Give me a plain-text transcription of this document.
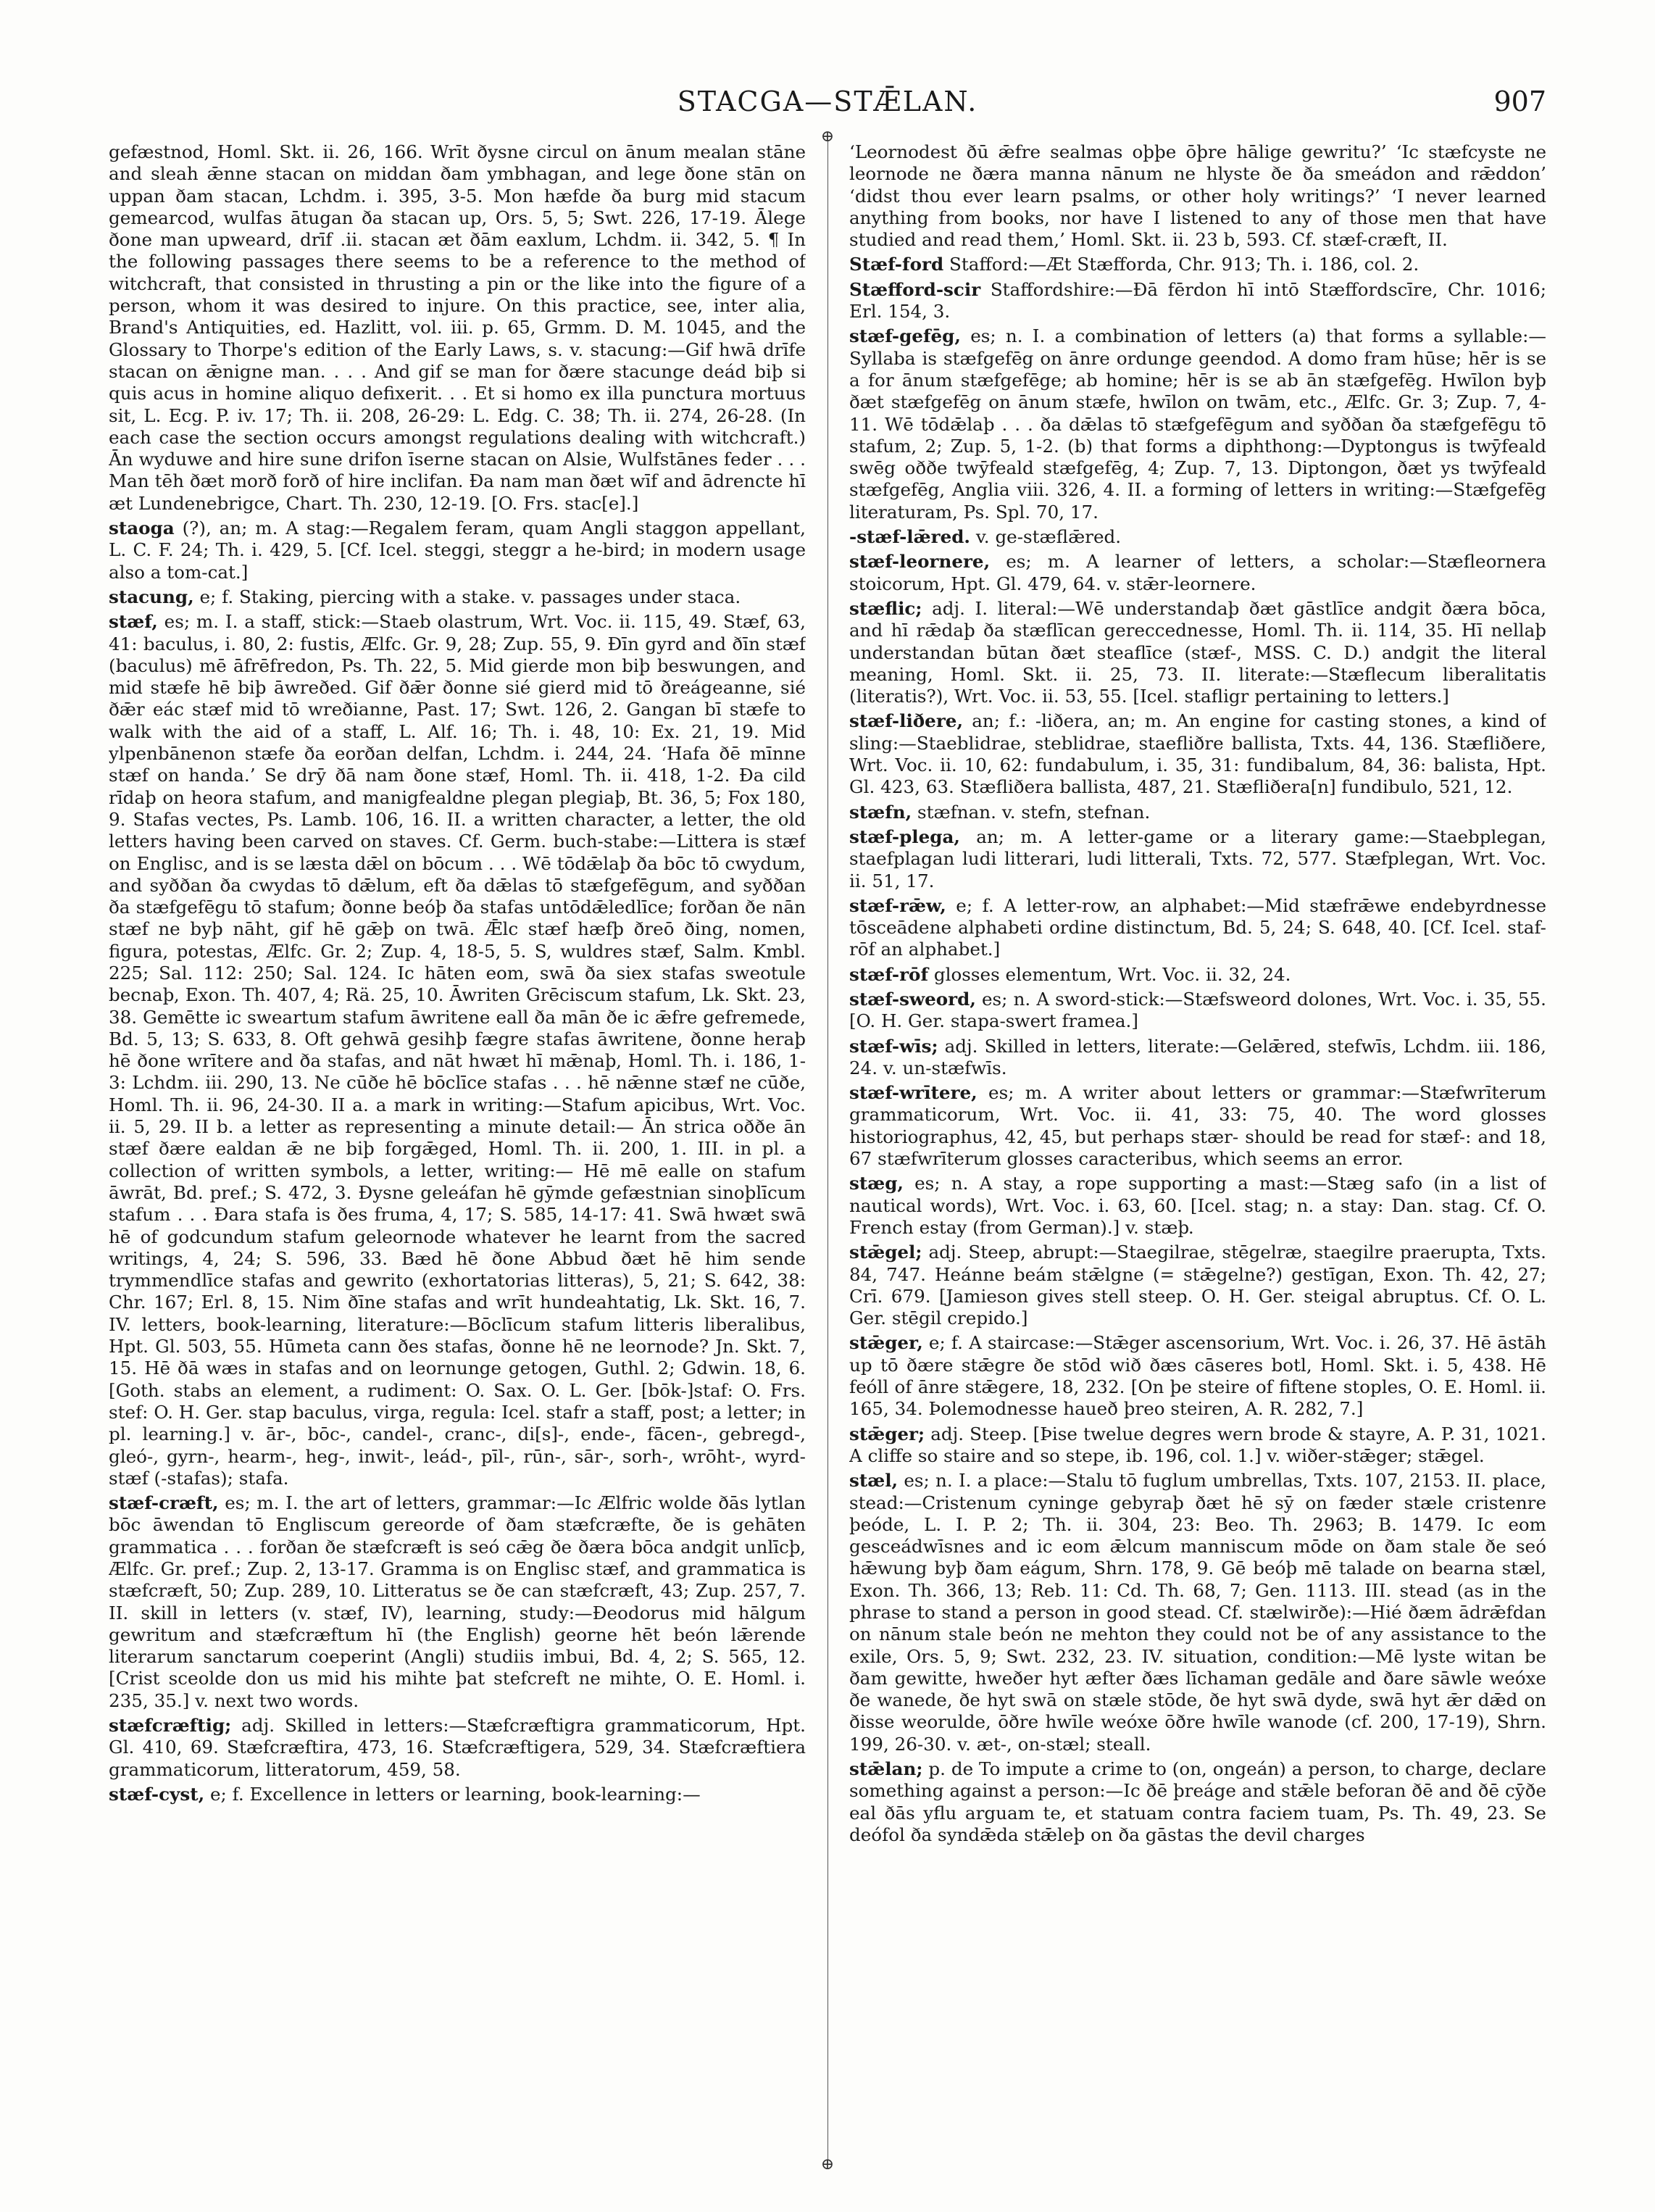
STACGA—STǢLAN.	907

gefæstnod, Homl. Skt. ii. 26, 166. Wrīt ðysne circul on ānum mealan stāne and sleah ǣnne stacan on middan ðam ymbhagan, and lege ðone stān on uppan ðam stacan, Lchdm. i. 395, 3-5. Mon hæfde ða burg mid stacum gemearcod, wulfas ātugan ða stacan up, Ors. 5, 5; Swt. 226, 17-19. Ālege ðone man upweard, drīf .ii. stacan æt ðām eaxlum, Lchdm. ii. 342, 5. ¶ In the following passages there seems to be a reference to the method of witchcraft, that consisted in thrusting a pin or the like into the figure of a person, whom it was desired to injure. On this practice, see, inter alia, Brand's Antiquities, ed. Hazlitt, vol. iii. p. 65, Grmm. D. M. 1045, and the Glossary to Thorpe's edition of the Early Laws, s. v. stacung:—Gif hwā drīfe stacan on ǣnigne man. . . . And gif se man for ðære stacunge deád biþ si quis acus in homine aliquo defixerit. . . Et si homo ex illa punctura mortuus sit, L. Ecg. P. iv. 17; Th. ii. 208, 26-29: L. Edg. C. 38; Th. ii. 274, 26-28. (In each case the section occurs amongst regulations dealing with witchcraft.) Ān wyduwe and hire sune drifon īserne stacan on Alsie, Wulfstānes feder . . . Man tēh ðæt morð forð of hire inclifan. Ða nam man ðæt wīf and ādrencte hī æt Lundenebrigce, Chart. Th. 230, 12-19. [O. Frs. stac[e].]

staoga (?), an; m. A stag:—Regalem feram, quam Angli staggon appellant, L. C. F. 24; Th. i. 429, 5. [Cf. Icel. steggi, steggr a he-bird; in modern usage also a tom-cat.]

stacung, e; f. Staking, piercing with a stake. v. passages under staca.

stæf, es; m. I. a staff, stick:—Staeb olastrum, Wrt. Voc. ii. 115, 49. Stæf, 63, 41: baculus, i. 80, 2: fustis, Ælfc. Gr. 9, 28; Zup. 55, 9. Ðīn gyrd and ðīn stæf (baculus) mē āfrēfredon, Ps. Th. 22, 5. Mid gierde mon biþ beswungen, and mid stæfe hē biþ āwreðed. Gif ðǣr ðonne sié gierd mid tō ðreágeanne, sié ðǣr eác stæf mid tō wreðianne, Past. 17; Swt. 126, 2. Gangan bī stæfe to walk with the aid of a staff, L. Alf. 16; Th. i. 48, 10: Ex. 21, 19. Mid ylpenbānenon stæfe ða eorðan delfan, Lchdm. i. 244, 24. ‘Hafa ðē mīnne stæf on handa.’ Se drȳ ðā nam ðone stæf, Homl. Th. ii. 418, 1-2. Ða cild rīdaþ on heora stafum, and manigfealdne plegan plegiaþ, Bt. 36, 5; Fox 180, 9. Stafas vectes, Ps. Lamb. 106, 16. II. a written character, a letter, the old letters having been carved on staves. Cf. Germ. buch-stabe:—Littera is stæf on Englisc, and is se læsta dǣl on bōcum . . . Wē tōdǣlaþ ða bōc tō cwydum, and syððan ða cwydas tō dǣlum, eft ða dǣlas tō stæfgefēgum, and syððan ða stæfgefēgu tō stafum; ðonne beóþ ða stafas untōdǣledlīce; forðan ðe nān stæf ne byþ nāht, gif hē gǣþ on twā. Ǣlc stæf hæfþ ðreō ðing, nomen, figura, potestas, Ælfc. Gr. 2; Zup. 4, 18-5, 5. S, wuldres stæf, Salm. Kmbl. 225; Sal. 112: 250; Sal. 124. Ic hāten eom, swā ða siex stafas sweotule becnaþ, Exon. Th. 407, 4; Rä. 25, 10. Āwriten Grēciscum stafum, Lk. Skt. 23, 38. Gemētte ic sweartum stafum āwritene eall ða mān ðe ic ǣfre gefremede, Bd. 5, 13; S. 633, 8. Oft gehwā gesihþ fægre stafas āwritene, ðonne heraþ hē ðone wrītere and ða stafas, and nāt hwæt hī mǣnaþ, Homl. Th. i. 186, 1-3: Lchdm. iii. 290, 13. Ne cūðe hē bōclīce stafas . . . hē nǣnne stæf ne cūðe, Homl. Th. ii. 96, 24-30. II a. a mark in writing:—Stafum apicibus, Wrt. Voc. ii. 5, 29. II b. a letter as representing a minute detail:— Ān strica oððe ān stæf ðære ealdan ǣ ne biþ forgǣged, Homl. Th. ii. 200, 1. III. in pl. a collection of written symbols, a letter, writing:— Hē mē ealle on stafum āwrāt, Bd. pref.; S. 472, 3. Ðysne geleáfan hē gȳmde gefæstnian sinoþlīcum stafum . . . Ðara stafa is ðes fruma, 4, 17; S. 585, 14-17: 41. Swā hwæt swā hē of godcundum stafum geleornode whatever he learnt from the sacred writings, 4, 24; S. 596, 33. Bæd hē ðone Abbud ðæt hē him sende trymmendlīce stafas and gewrito (exhortatorias litteras), 5, 21; S. 642, 38: Chr. 167; Erl. 8, 15. Nim ðīne stafas and wrīt hundeahtatig, Lk. Skt. 16, 7. IV. letters, book-learning, literature:—Bōclīcum stafum litteris liberalibus, Hpt. Gl. 503, 55. Hūmeta cann ðes stafas, ðonne hē ne leornode? Jn. Skt. 7, 15. Hē ðā wæs in stafas and on leornunge getogen, Guthl. 2; Gdwin. 18, 6. [Goth. stabs an element, a rudiment: O. Sax. O. L. Ger. [bōk-]staf: O. Frs. stef: O. H. Ger. stap baculus, virga, regula: Icel. stafr a staff, post; a letter; in pl. learning.] v. ār-, bōc-, candel-, cranc-, di[s]-, ende-, fācen-, gebregd-, gleó-, gyrn-, hearm-, heg-, inwit-, leád-, pīl-, rūn-, sār-, sorh-, wrōht-, wyrd-stæf (-stafas); stafa.

stæf-cræft, es; m. I. the art of letters, grammar:—Ic Ælfric wolde ðās lytlan bōc āwendan tō Engliscum gereorde of ðam stæfcræfte, ðe is gehāten grammatica . . . forðan ðe stæfcræft is seó cǣg ðe ðæra bōca andgit unlīcþ, Ælfc. Gr. pref.; Zup. 2, 13-17. Gramma is on Englisc stæf, and grammatica is stæfcræft, 50; Zup. 289, 10. Litteratus se ðe can stæfcræft, 43; Zup. 257, 7. II. skill in letters (v. stæf, IV), learning, study:—Ðeodorus mid hālgum gewritum and stæfcræftum hī (the English) georne hēt beón lǣrende literarum sanctarum coeperint (Angli) studiis imbui, Bd. 4, 2; S. 565, 12. [Crist sceolde don us mid his mihte þat stefcreft ne mihte, O. E. Homl. i. 235, 35.] v. next two words.

stæfcræftig; adj. Skilled in letters:—Stæfcræftigra grammaticorum, Hpt. Gl. 410, 69. Stæfcræftira, 473, 16. Stæfcræftigera, 529, 34. Stæfcræftiera grammaticorum, litteratorum, 459, 58.

stæf-cyst, e; f. Excellence in letters or learning, book-learning:—

⊕
⊕

‘Leornodest ðū ǣfre sealmas oþþe ōþre hālige gewritu?’ ‘Ic stæfcyste ne leornode ne ðæra manna nānum ne hlyste ðe ða smeádon and rǣddon’ ‘didst thou ever learn psalms, or other holy writings?’ ‘I never learned anything from books, nor have I listened to any of those men that have studied and read them,’ Homl. Skt. ii. 23 b, 593. Cf. stæf-cræft, II.

Stæf-ford Stafford:—Æt Stæfforda, Chr. 913; Th. i. 186, col. 2.

Stæfford-scir Staffordshire:—Ðā fērdon hī intō Stæffordscīre, Chr. 1016; Erl. 154, 3.

stæf-gefēg, es; n. I. a combination of letters (a) that forms a syllable:—Syllaba is stæfgefēg on ānre ordunge geendod. A domo fram hūse; hēr is se a for ānum stæfgefēge; ab homine; hēr is se ab ān stæfgefēg. Hwīlon byþ ðæt stæfgefēg on ānum stæfe, hwīlon on twām, etc., Ælfc. Gr. 3; Zup. 7, 4-11. Wē tōdǣlaþ . . . ða dǣlas tō stæfgefēgum and syððan ða stæfgefēgu tō stafum, 2; Zup. 5, 1-2. (b) that forms a diphthong:—Dyptongus is twȳfeald swēg oððe twȳfeald stæfgefēg, 4; Zup. 7, 13. Diptongon, ðæt ys twȳfeald stæfgefēg, Anglia viii. 326, 4. II. a forming of letters in writing:—Stæfgefēg literaturam, Ps. Spl. 70, 17.

-stæf-lǣred. v. ge-stæflǣred.

stæf-leornere, es; m. A learner of letters, a scholar:—Stæfleornera stoicorum, Hpt. Gl. 479, 64. v. stǣr-leornere.

stæflic; adj. I. literal:—Wē understandaþ ðæt gāstlīce andgit ðæra bōca, and hī rǣdaþ ða stæflīcan gereccednesse, Homl. Th. ii. 114, 35. Hī nellaþ understandan būtan ðæt steaflīce (stæf-, MSS. C. D.) andgit the literal meaning, Homl. Skt. ii. 25, 73. II. literate:—Stæflecum liberalitatis (literatis?), Wrt. Voc. ii. 53, 55. [Icel. stafligr pertaining to letters.]

stæf-liðere, an; f.: -liðera, an; m. An engine for casting stones, a kind of sling:—Staeblidrae, steblidrae, staefliðre ballista, Txts. 44, 136. Stæfliðere, Wrt. Voc. ii. 10, 62: fundabulum, i. 35, 31: fundibalum, 84, 36: balista, Hpt. Gl. 423, 63. Stæfliðera ballista, 487, 21. Stæfliðera[n] fundibulo, 521, 12.

stæfn, stæfnan. v. stefn, stefnan.

stæf-plega, an; m. A letter-game or a literary game:—Staebplegan, staefplagan ludi litterari, ludi litterali, Txts. 72, 577. Stæfplegan, Wrt. Voc. ii. 51, 17.

stæf-rǣw, e; f. A letter-row, an alphabet:—Mid stæfrǣwe endebyrdnesse tōsceādene alphabeti ordine distinctum, Bd. 5, 24; S. 648, 40. [Cf. Icel. staf-rōf an alphabet.]

stæf-rōf glosses elementum, Wrt. Voc. ii. 32, 24.

stæf-sweord, es; n. A sword-stick:—Stæfsweord dolones, Wrt. Voc. i. 35, 55. [O. H. Ger. stapa-swert framea.]

stæf-wīs; adj. Skilled in letters, literate:—Gelǣred, stefwīs, Lchdm. iii. 186, 24. v. un-stæfwīs.

stæf-wrītere, es; m. A writer about letters or grammar:—Stæfwrīterum grammaticorum, Wrt. Voc. ii. 41, 33: 75, 40. The word glosses historiographus, 42, 45, but perhaps stær- should be read for stæf-: and 18, 67 stæfwrīterum glosses caracteribus, which seems an error.

stæg, es; n. A stay, a rope supporting a mast:—Stæg safo (in a list of nautical words), Wrt. Voc. i. 63, 60. [Icel. stag; n. a stay: Dan. stag. Cf. O. French estay (from German).] v. stæþ.

stǣgel; adj. Steep, abrupt:—Staegilrae, stēgelræ, staegilre praerupta, Txts. 84, 747. Heánne beám stǣlgne (= stǣgelne?) gestīgan, Exon. Th. 42, 27; Crī. 679. [Jamieson gives stell steep. O. H. Ger. steigal abruptus. Cf. O. L. Ger. stēgil crepido.]

stǣger, e; f. A staircase:—Stǣger ascensorium, Wrt. Voc. i. 26, 37. Hē āstāh up tō ðære stǣgre ðe stōd wið ðæs cāseres botl, Homl. Skt. i. 5, 438. Hē feóll of ānre stǣgere, 18, 232. [On þe steire of fiftene stoples, O. E. Homl. ii. 165, 34. Þolemodnesse haueð þreo steiren, A. R. 282, 7.]

stǣger; adj. Steep. [Þise twelue degres wern brode & stayre, A. P. 31, 1021. A cliffe so staire and so stepe, ib. 196, col. 1.] v. wiðer-stǣger; stǣgel.

stæl, es; n. I. a place:—Stalu tō fuglum umbrellas, Txts. 107, 2153. II. place, stead:—Cristenum cyninge gebyraþ ðæt hē sȳ on fæder stæle cristenre þeóde, L. I. P. 2; Th. ii. 304, 23: Beo. Th. 2963; B. 1479. Ic eom gesceádwīsnes and ic eom ǣlcum manniscum mōde on ðam stale ðe seó hǣwung byþ ðam eágum, Shrn. 178, 9. Gē beóþ mē talade on bearna stæl, Exon. Th. 366, 13; Reb. 11: Cd. Th. 68, 7; Gen. 1113. III. stead (as in the phrase to stand a person in good stead. Cf. stælwirðe):—Hié ðæm ādrǣfdan on nānum stale beón ne mehton they could not be of any assistance to the exile, Ors. 5, 9; Swt. 232, 23. IV. situation, condition:—Mē lyste witan be ðam gewitte, hweðer hyt æfter ðæs līchaman gedāle and ðare sāwle weóxe ðe wanede, ðe hyt swā on stæle stōde, ðe hyt swā dyde, swā hyt ǣr dǣd on ðisse weorulde, ōðre hwīle weóxe ōðre hwīle wanode (cf. 200, 17-19), Shrn. 199, 26-30. v. æt-, on-stæl; steall.

stǣlan; p. de To impute a crime to (on, ongeán) a person, to charge, declare something against a person:—Ic ðē þreáge and stǣle beforan ðē and ðē cȳðe eal ðās yflu arguam te, et statuam contra faciem tuam, Ps. Th. 49, 23. Se deófol ða syndǣda stǣleþ on ða gāstas the devil charges
